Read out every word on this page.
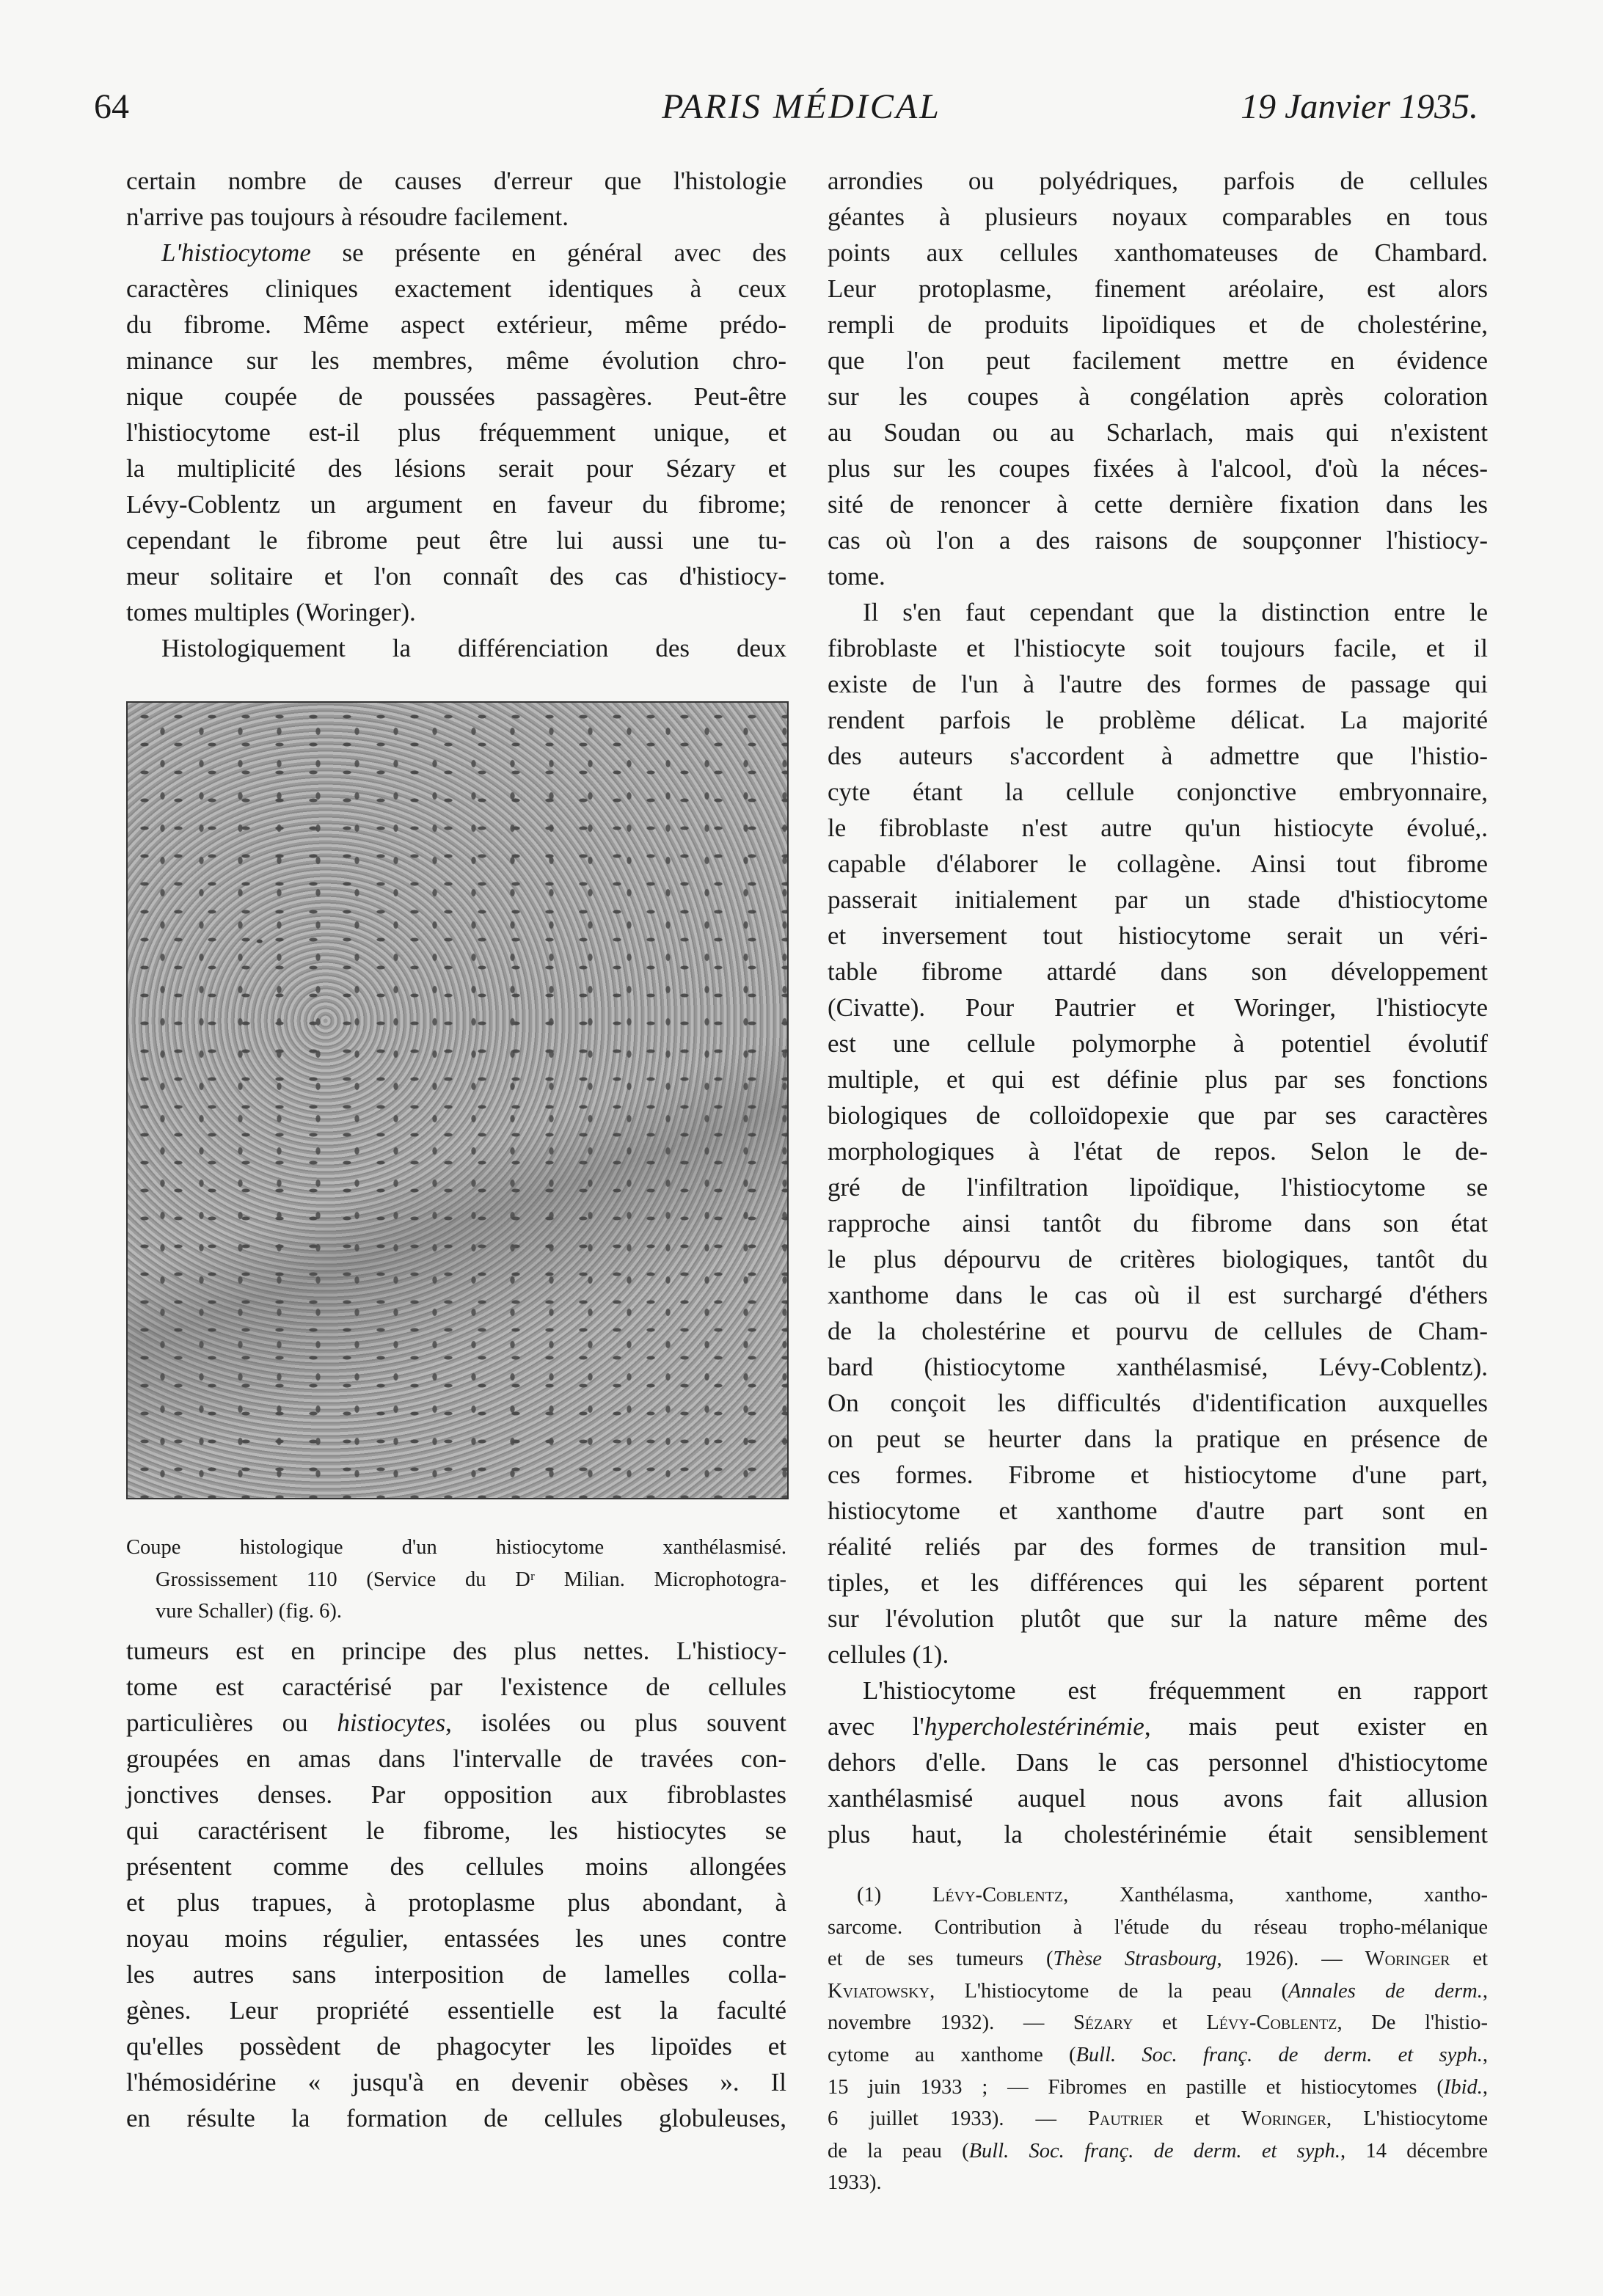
64	PARIS MÉDICAL	19 Janvier 1935.
certain nombre de causes d'erreur que l'histologie
n'arrive pas toujours à résoudre facilement.
L'histiocytome se présente en général avec des
caractères cliniques exactement identiques à ceux
du fibrome. Même aspect extérieur, même prédo-
minance sur les membres, même évolution chro-
nique coupée de poussées passagères. Peut-être
l'histiocytome est-il plus fréquemment unique, et
la multiplicité des lésions serait pour Sézary et
Lévy-Coblentz un argument en faveur du fibrome;
cependant le fibrome peut être lui aussi une tu-
meur solitaire et l'on connaît des cas d'histiocy-
tomes multiples (Woringer).
Histologiquement la différenciation des deux
Coupe histologique d'un histiocytome xanthélasmisé.
Grossissement 110 (Service du Dʳ Milian. Microphotogra-
vure Schaller) (fig. 6).
tumeurs est en principe des plus nettes. L'histiocy-
tome est caractérisé par l'existence de cellules
particulières ou histiocytes, isolées ou plus souvent
groupées en amas dans l'intervalle de travées con-
jonctives denses. Par opposition aux fibroblastes
qui caractérisent le fibrome, les histiocytes se
présentent comme des cellules moins allongées
et plus trapues, à protoplasme plus abondant, à
noyau moins régulier, entassées les unes contre
les autres sans interposition de lamelles colla-
gènes. Leur propriété essentielle est la faculté
qu'elles possèdent de phagocyter les lipoïdes et
l'hémosidérine « jusqu'à en devenir obèses ». Il
en résulte la formation de cellules globuleuses,
arrondies ou polyédriques, parfois de cellules
géantes à plusieurs noyaux comparables en tous
points aux cellules xanthomateuses de Chambard.
Leur protoplasme, finement aréolaire, est alors
rempli de produits lipoïdiques et de cholestérine,
que l'on peut facilement mettre en évidence
sur les coupes à congélation après coloration
au Soudan ou au Scharlach, mais qui n'existent
plus sur les coupes fixées à l'alcool, d'où la néces-
sité de renoncer à cette dernière fixation dans les
cas où l'on a des raisons de soupçonner l'histiocy-
tome.
Il s'en faut cependant que la distinction entre le
fibroblaste et l'histiocyte soit toujours facile, et il
existe de l'un à l'autre des formes de passage qui
rendent parfois le problème délicat. La majorité
des auteurs s'accordent à admettre que l'histio-
cyte étant la cellule conjonctive embryonnaire,
le fibroblaste n'est autre qu'un histiocyte évolué,.
capable d'élaborer le collagène. Ainsi tout fibrome
passerait initialement par un stade d'histiocytome
et inversement tout histiocytome serait un véri-
table fibrome attardé dans son développement
(Civatte). Pour Pautrier et Woringer, l'histiocyte
est une cellule polymorphe à potentiel évolutif
multiple, et qui est définie plus par ses fonctions
biologiques de colloïdopexie que par ses caractères
morphologiques à l'état de repos. Selon le de-
gré de l'infiltration lipoïdique, l'histiocytome se
rapproche ainsi tantôt du fibrome dans son état
le plus dépourvu de critères biologiques, tantôt du
xanthome dans le cas où il est surchargé d'éthers
de la cholestérine et pourvu de cellules de Cham-
bard (histiocytome xanthélasmisé, Lévy-Coblentz).
On conçoit les difficultés d'identification auxquelles
on peut se heurter dans la pratique en présence de
ces formes. Fibrome et histiocytome d'une part,
histiocytome et xanthome d'autre part sont en
réalité reliés par des formes de transition mul-
tiples, et les différences qui les séparent portent
sur l'évolution plutôt que sur la nature même des
cellules (1).
L'histiocytome est fréquemment en rapport
avec l'hypercholestérinémie, mais peut exister en
dehors d'elle. Dans le cas personnel d'histiocytome
xanthélasmisé auquel nous avons fait allusion
plus haut, la cholestérinémie était sensiblement
(1) Lévy-Coblentz, Xanthélasma, xanthome, xantho-
sarcome. Contribution à l'étude du réseau tropho-mélanique
et de ses tumeurs (Thèse Strasbourg, 1926). — Woringer et
Kviatowsky, L'histiocytome de la peau (Annales de derm.,
novembre 1932). — Sézary et Lévy-Coblentz, De l'histio-
cytome au xanthome (Bull. Soc. franç. de derm. et syph.,
15 juin 1933 ; — Fibromes en pastille et histiocytomes (Ibid.,
6 juillet 1933). — Pautrier et Woringer, L'histiocytome
de la peau (Bull. Soc. franç. de derm. et syph., 14 décembre
1933).
